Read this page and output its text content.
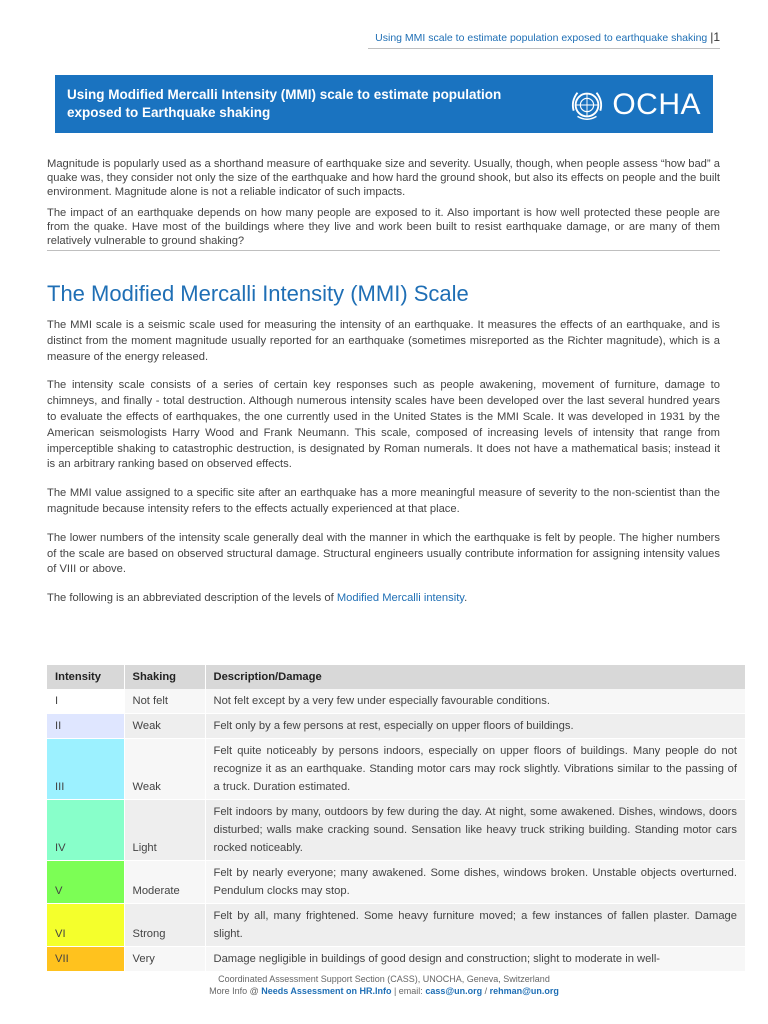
Using MMI scale to estimate population exposed to earthquake shaking |1
Using Modified Mercalli Intensity (MMI) scale to estimate population exposed to Earthquake shaking	OCHA

Magnitude is popularly used as a shorthand measure of earthquake size and severity. Usually, though, when people assess “how bad” a quake was, they consider not only the size of the earthquake and how hard the ground shook, but also its effects on people and the built environment. Magnitude alone is not a reliable indicator of such impacts.

The impact of an earthquake depends on how many people are exposed to it. Also important is how well protected these people are from the quake. Have most of the buildings where they live and work been built to resist earthquake damage, or are many of them relatively vulnerable to ground shaking?

The Modified Mercalli Intensity (MMI) Scale

The MMI scale is a seismic scale used for measuring the intensity of an earthquake. It measures the effects of an earthquake, and is distinct from the moment magnitude usually reported for an earthquake (sometimes misreported as the Richter magnitude), which is a measure of the energy released.

The intensity scale consists of a series of certain key responses such as people awakening, movement of furniture, damage to chimneys, and finally - total destruction. Although numerous intensity scales have been developed over the last several hundred years to evaluate the effects of earthquakes, the one currently used in the United States is the MMI Scale. It was developed in 1931 by the American seismologists Harry Wood and Frank Neumann. This scale, composed of increasing levels of intensity that range from imperceptible shaking to catastrophic destruction, is designated by Roman numerals. It does not have a mathematical basis; instead it is an arbitrary ranking based on observed effects.

The MMI value assigned to a specific site after an earthquake has a more meaningful measure of severity to the non-scientist than the magnitude because intensity refers to the effects actually experienced at that place.

The lower numbers of the intensity scale generally deal with the manner in which the earthquake is felt by people. The higher numbers of the scale are based on observed structural damage. Structural engineers usually contribute information for assigning intensity values of VIII or above.

The following is an abbreviated description of the levels of Modified Mercalli intensity.

Intensity	Shaking	Description/Damage
I	Not felt	Not felt except by a very few under especially favourable conditions.
II	Weak	Felt only by a few persons at rest, especially on upper floors of buildings.
III	Weak	Felt quite noticeably by persons indoors, especially on upper floors of buildings. Many people do not recognize it as an earthquake. Standing motor cars may rock slightly. Vibrations similar to the passing of a truck. Duration estimated.
IV	Light	Felt indoors by many, outdoors by few during the day. At night, some awakened. Dishes, windows, doors disturbed; walls make cracking sound. Sensation like heavy truck striking building. Standing motor cars rocked noticeably.
V	Moderate	Felt by nearly everyone; many awakened. Some dishes, windows broken. Unstable objects overturned. Pendulum clocks may stop.
VI	Strong	Felt by all, many frightened. Some heavy furniture moved; a few instances of fallen plaster. Damage slight.
VII	Very	Damage negligible in buildings of good design and construction; slight to moderate in well-
Coordinated Assessment Support Section (CASS), UNOCHA, Geneva, Switzerland
More Info @ Needs Assessment on HR.Info | email: cass@un.org / rehman@un.org
